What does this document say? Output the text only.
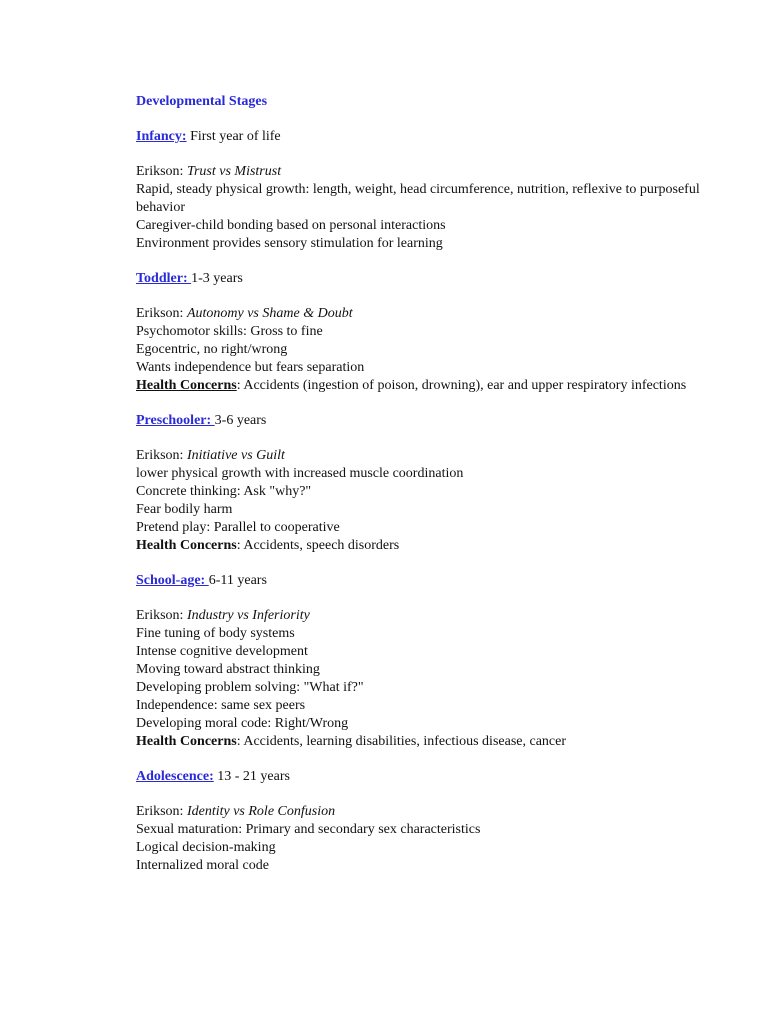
Developmental Stages
Infancy: First year of life
Erikson: Trust vs Mistrust
Rapid, steady physical growth: length, weight, head circumference, nutrition, reflexive to purposeful behavior
Caregiver-child bonding based on personal interactions
Environment provides sensory stimulation for learning
Toddler: 1-3 years
Erikson: Autonomy vs Shame & Doubt
Psychomotor skills: Gross to fine
Egocentric, no right/wrong
Wants independence but fears separation
Health Concerns: Accidents (ingestion of poison, drowning), ear and upper respiratory infections
Preschooler: 3-6 years
Erikson: Initiative vs Guilt
lower physical growth with increased muscle coordination
Concrete thinking: Ask "why?"
Fear bodily harm
Pretend play: Parallel to cooperative
Health Concerns: Accidents, speech disorders
School-age: 6-11 years
Erikson: Industry vs Inferiority
Fine tuning of body systems
Intense cognitive development
Moving toward abstract thinking
Developing problem solving: "What if?"
Independence: same sex peers
Developing moral code: Right/Wrong
Health Concerns: Accidents, learning disabilities, infectious disease, cancer
Adolescence: 13 - 21 years
Erikson: Identity vs Role Confusion
Sexual maturation: Primary and secondary sex characteristics
Logical decision-making
Internalized moral code
